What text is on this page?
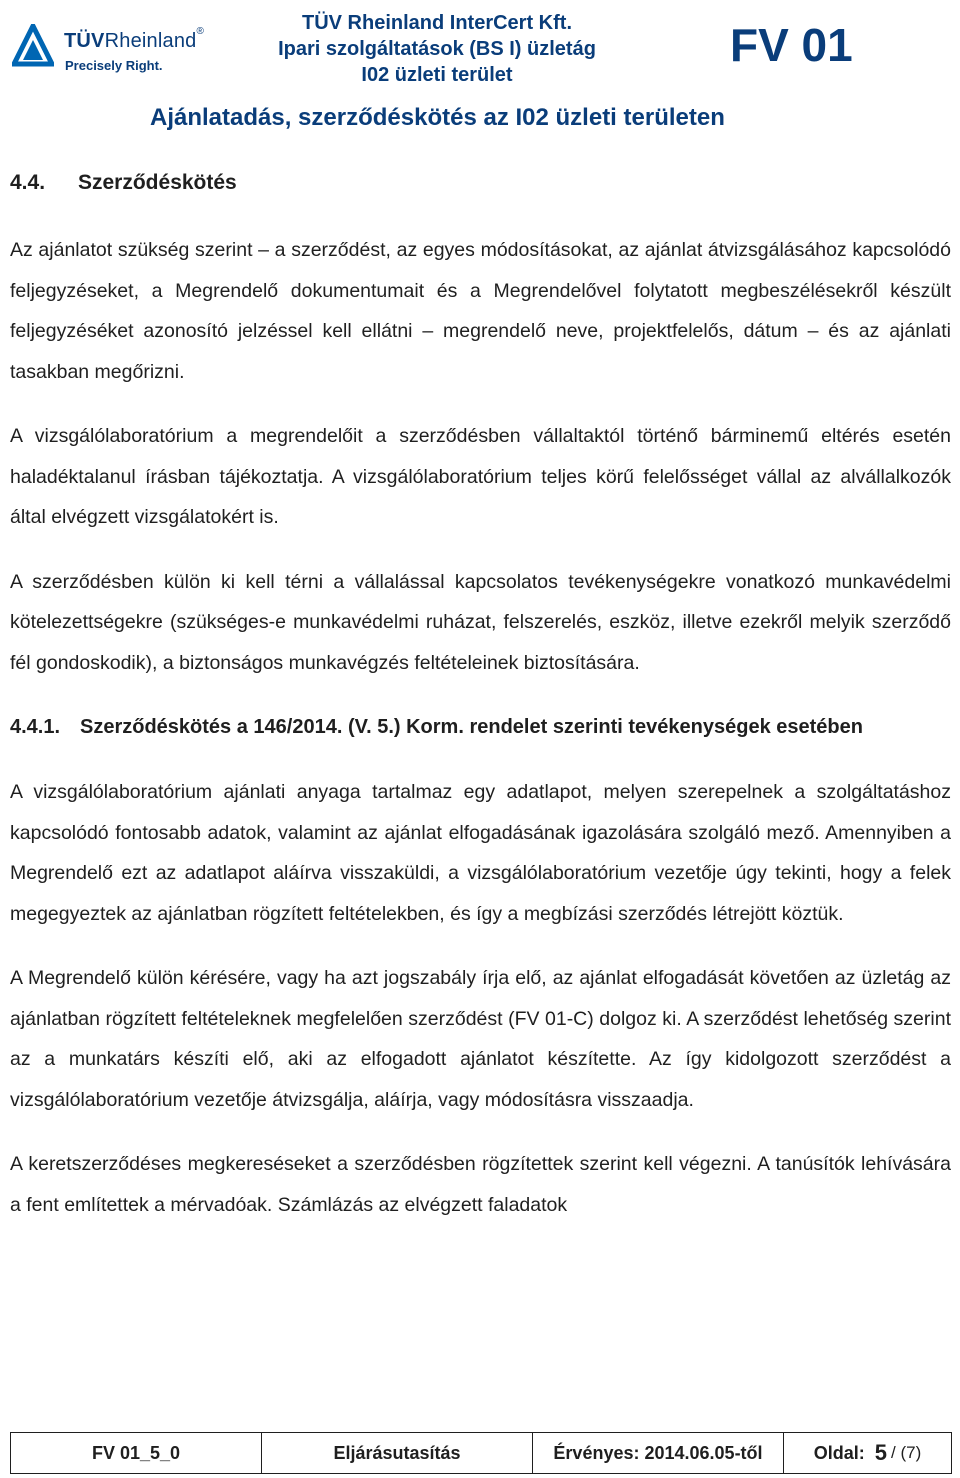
TÜVRheinland®
Precisely Right.
TÜV Rheinland InterCert Kft.
Ipari szolgáltatások (BS I) üzletág
I02 üzleti terület
FV 01
Ajánlatadás, szerződéskötés az I02 üzleti területen
4.4. Szerződéskötés

Az ajánlatot szükség szerint – a szerződést, az egyes módosításokat, az ajánlat átvizsgálásához kapcsolódó feljegyzéseket, a Megrendelő dokumentumait és a Megrendelővel folytatott megbeszélésekről készült feljegyzéséket azonosító jelzéssel kell ellátni – megrendelő neve, projektfelelős, dátum – és az ajánlati tasakban megőrizni.

A vizsgálólaboratórium a megrendelőit a szerződésben vállaltaktól történő bárminemű eltérés esetén haladéktalanul írásban tájékoztatja. A vizsgálólaboratórium teljes körű felelősséget vállal az alvállalkozók által elvégzett vizsgálatokért is.

A szerződésben külön ki kell térni a vállalással kapcsolatos tevékenységekre vonatkozó munkavédelmi kötelezettségekre (szükséges-e munkavédelmi ruházat, felszerelés, eszköz, illetve ezekről melyik szerződő fél gondoskodik), a biztonságos munkavégzés feltételeinek biztosítására.

4.4.1. Szerződéskötés a 146/2014. (V. 5.) Korm. rendelet szerinti tevékenységek esetében

A vizsgálólaboratórium ajánlati anyaga tartalmaz egy adatlapot, melyen szerepelnek a szolgáltatáshoz kapcsolódó fontosabb adatok, valamint az ajánlat elfogadásának igazolására szolgáló mező. Amennyiben a Megrendelő ezt az adatlapot aláírva visszaküldi, a vizsgálólaboratórium vezetője úgy tekinti, hogy a felek megegyeztek az ajánlatban rögzített feltételekben, és így a megbízási szerződés létrejött köztük.

A Megrendelő külön kérésére, vagy ha azt jogszabály írja elő, az ajánlat elfogadását követően az üzletág az ajánlatban rögzített feltételeknek megfelelően szerződést (FV 01-C) dolgoz ki. A szerződést lehetőség szerint az a munkatárs készíti elő, aki az elfogadott ajánlatot készítette. Az így kidolgozott szerződést a vizsgálólaboratórium vezetője átvizsgálja, aláírja, vagy módosításra visszaadja.

A keretszerződéses megkereséseket a szerződésben rögzítettek szerint kell végezni. A tanúsítók lehívására a fent említettek a mérvadóak. Számlázás az elvégzett faladatok

FV 01_5_0	Eljárásutasítás	Érvényes: 2014.06.05-től	Oldal: 5 / (7)
